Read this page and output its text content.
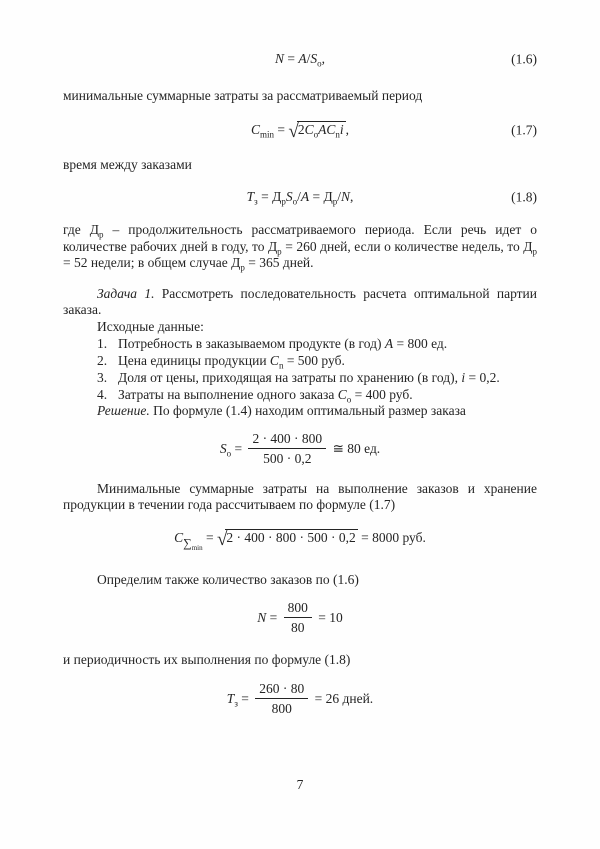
$N = A/S_o$,	(1.6)

минимальные суммарные затраты за рассматриваемый период

$C_{min} = √2C_oAC_ni$ ,	(1.7)

время между заказами

$T_з = Д_рS_o/A = Д_р/N$,	(1.8)

где $Д_р$ – продолжительность рассматриваемого периода. Если речь идет о количестве рабочих дней в году, то $Д_р = 260$ дней, если о количестве недель, то $Д_р = 52$ недели; в общем случае $Д_р = 365$ дней.

Задача 1. Рассмотреть последовательность расчета оптимальной партии заказа.

Исходные данные:

1. Потребность в заказываемом продукте (в год) A = 800 ед.
2. Цена единицы продукции $C_n = 500$ руб.
3. Доля от цены, приходящая на затраты по хранению (в год), i = 0,2.
4. Затраты на выполнение одного заказа $C_o = 400$ руб.

Решение. По формуле (1.4) находим оптимальный размер заказа

$S_o = \frac{2 \cdot 400 \cdot 800}{500 \cdot 0,2}$ ≅ 80 ед.

Минимальные суммарные затраты на выполнение заказов и хранение продукции в течении года рассчитываем по формуле (1.7)

$C\sum_{min} = √2 \cdot 400 \cdot 800 \cdot 500 \cdot 0,2 = 8000$ руб.

Определим также количество заказов по (1.6)

$N = \frac{800}{80} = 10$

и периодичность их выполнения по формуле (1.8)

$T_з = \frac{260 \cdot 80}{800} = 26$ дней.
7
